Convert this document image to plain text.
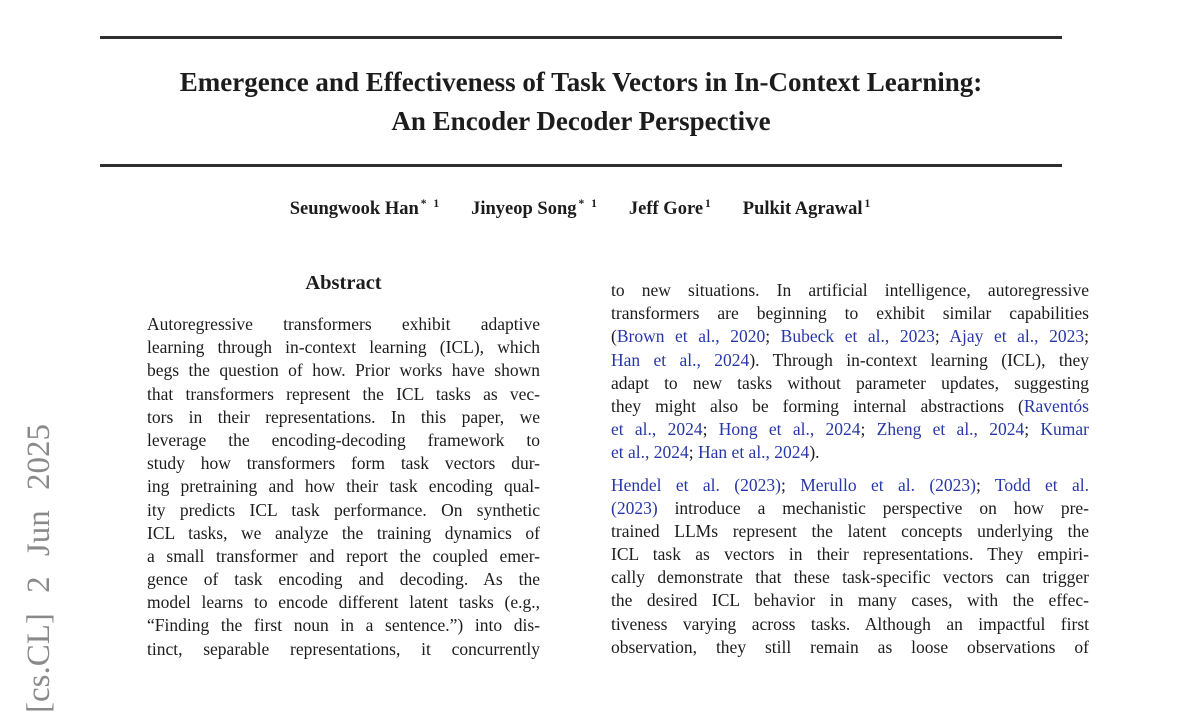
[cs.CL] 2 Jun 2025
Emergence and Effectiveness of Task Vectors in In-Context Learning:
An Encoder Decoder Perspective
Seungwook Han $^{* 1}$ Jinyeop Song $^{* 1}$ Jeff Gore $^1$ Pulkit Agrawal $^1$
Abstract
Autoregressive transformers exhibit adaptive
learning through in-context learning (ICL), which
begs the question of how. Prior works have shown
that transformers represent the ICL tasks as vec-
tors in their representations. In this paper, we
leverage the encoding-decoding framework to
study how transformers form task vectors dur-
ing pretraining and how their task encoding qual-
ity predicts ICL task performance. On synthetic
ICL tasks, we analyze the training dynamics of
a small transformer and report the coupled emer-
gence of task encoding and decoding. As the
model learns to encode different latent tasks (e.g.,
“Finding the first noun in a sentence.”) into dis-
tinct, separable representations, it concurrently
to new situations. In artificial intelligence, autoregressive
transformers are beginning to exhibit similar capabilities
(Brown et al., 2020; Bubeck et al., 2023; Ajay et al., 2023;
Han et al., 2024). Through in-context learning (ICL), they
adapt to new tasks without parameter updates, suggesting
they might also be forming internal abstractions (Raventós
et al., 2024; Hong et al., 2024; Zheng et al., 2024; Kumar
et al., 2024; Han et al., 2024).
Hendel et al. (2023); Merullo et al. (2023); Todd et al.
(2023) introduce a mechanistic perspective on how pre-
trained LLMs represent the latent concepts underlying the
ICL task as vectors in their representations. They empiri-
cally demonstrate that these task-specific vectors can trigger
the desired ICL behavior in many cases, with the effec-
tiveness varying across tasks. Although an impactful first
observation, they still remain as loose observations of
